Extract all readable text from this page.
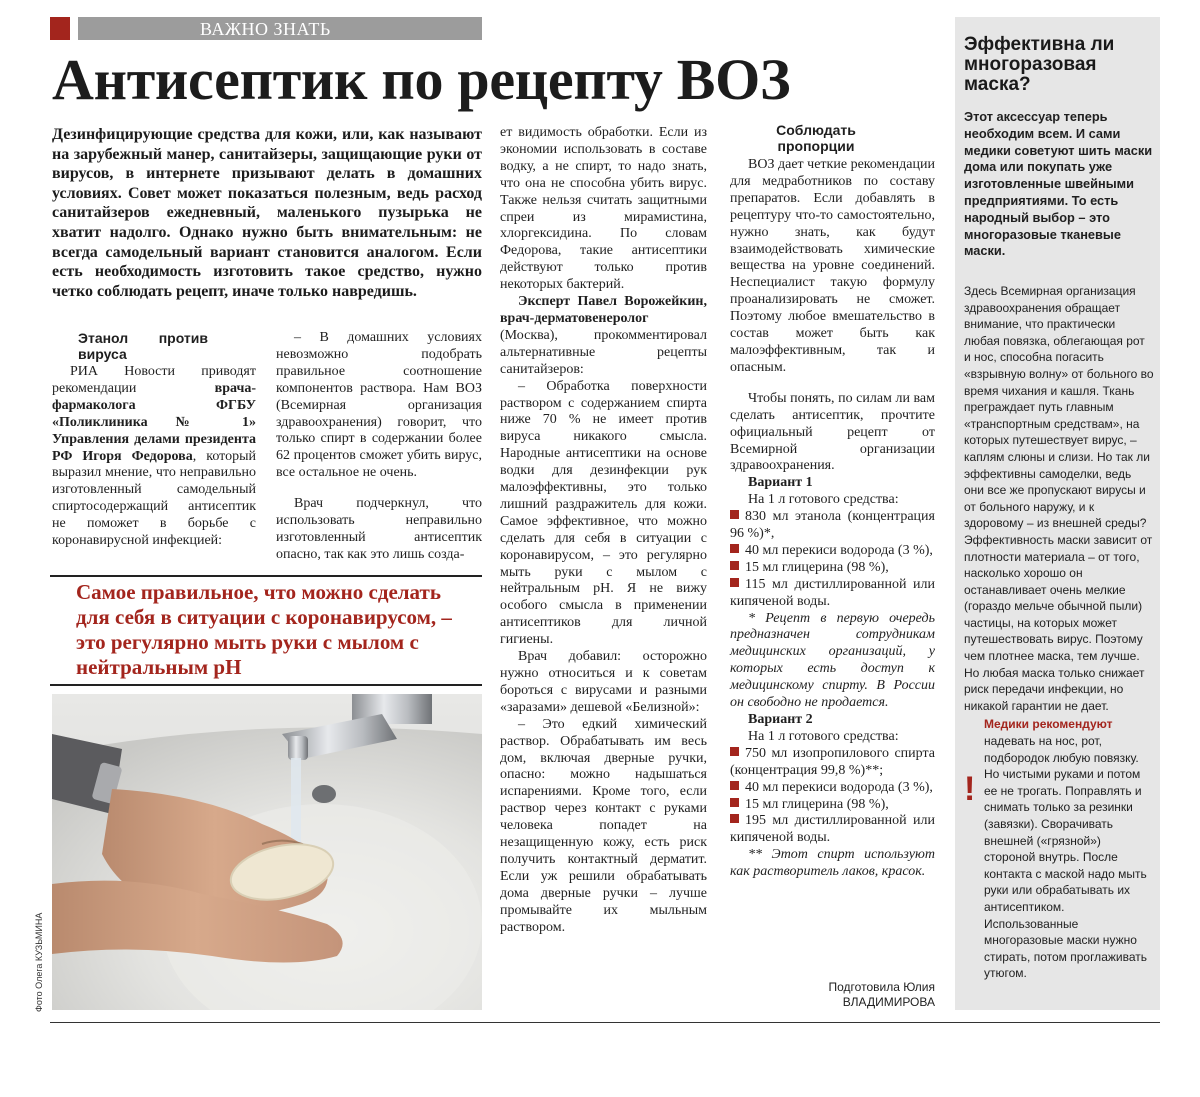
ВАЖНО ЗНАТЬ
Антисептик по рецепту ВОЗ

Дезинфицирующие средства для кожи, или, как называют на зарубежный манер, санитайзеры, защищающие руки от вирусов, в интернете призывают делать в домашних условиях. Совет может показаться полезным, ведь расход санитайзеров ежедневный, маленького пузырька не хватит надолго. Однако нужно быть внимательным: не всегда самодельный вариант становится аналогом. Если есть необходимость изготовить такое средство, нужно четко соблюдать рецепт, иначе только навредишь.

Этанол против вируса

РИА Новости приводят рекомендации врача-фармаколога ФГБУ «Поликлиника № 1» Управления делами президента РФ Игоря Федорова, который выразил мнение, что неправильно изготовленный самодельный спиртосодержащий антисептик не поможет в борьбе с коронавирусной инфекцией:

– В домашних условиях невозможно подобрать правильное соотношение компонентов раствора. Нам ВОЗ (Всемирная организация здравоохранения) говорит, что только спирт в содержании более 62 процентов сможет убить вирус, все остальное не очень.

Врач подчеркнул, что использовать неправильно изготовленный антисептик опасно, так как это лишь созда-

Самое правильное, что можно сделать для себя в ситуации с коронавирусом, – это регулярно мыть руки с мылом с нейтральным pH
Фото Олега КУЗЬМИНА

ет видимость обработки. Если из экономии использовать в составе водку, а не спирт, то надо знать, что она не способна убить вирус. Также нельзя считать защитными спреи из мирамистина, хлоргексидина. По словам Федорова, такие антисептики действуют только против некоторых бактерий.

Эксперт Павел Ворожейкин, врач-дерматовенеролог (Москва), прокомментировал альтернативные рецепты санитайзеров:

– Обработка поверхности раствором с содержанием спирта ниже 70 % не имеет против вируса никакого смысла. Народные антисептики на основе водки для дезинфекции рук малоэффективны, это только лишний раздражитель для кожи. Самое эффективное, что можно сделать для себя в ситуации с коронавирусом, – это регулярно мыть руки с мылом с нейтральным pH. Я не вижу особого смысла в применении антисептиков для личной гигиены.

Врач добавил: осторожно нужно относиться и к советам бороться с вирусами и разными «заразами» дешевой «Белизной»:

– Это едкий химический раствор. Обрабатывать им весь дом, включая дверные ручки, опасно: можно надышаться испарениями. Кроме того, если раствор через контакт с руками человека попадет на незащищенную кожу, есть риск получить контактный дерматит. Если уж решили обрабатывать дома дверные ручки – лучше промывайте их мыльным раствором.

Соблюдать пропорции

ВОЗ дает четкие рекомендации для медработников по составу препаратов. Если добавлять в рецептуру что-то самостоятельно, нужно знать, как будут взаимодействовать химические вещества на уровне соединений. Неспециалист такую формулу проанализировать не сможет. Поэтому любое вмешательство в состав может быть как малоэффективным, так и опасным.

Чтобы понять, по силам ли вам сделать антисептик, прочтите официальный рецепт от Всемирной организации здравоохранения.

Вариант 1

На 1 л готового средства:

830 мл этанола (концентрация 96 %)*,
40 мл перекиси водорода (3 %),
15 мл глицерина (98 %),
115 мл дистиллированной или кипяченой воды.

* Рецепт в первую очередь предназначен сотрудникам медицинских организаций, у которых есть доступ к медицинскому спирту. В России он свободно не продается.

Вариант 2

На 1 л готового средства:

750 мл изопропилового спирта (концентрация 99,8 %)**;
40 мл перекиси водорода (3 %),
15 мл глицерина (98 %),
195 мл дистиллированной или кипяченой воды.

** Этот спирт используют как растворитель лаков, красок.

Подготовила Юлия
ВЛАДИМИРОВА
Эффективна ли многоразовая маска?
Этот аксессуар теперь необходим всем. И сами медики советуют шить маски дома или покупать уже изготовленные швейными предприятиями. То есть народный выбор – это многоразовые тканевые маски.

Здесь Всемирная организация здравоохранения обращает внимание, что практически любая повязка, облегающая рот и нос, способна погасить «взрывную волну» от больного во время чихания и кашля. Ткань преграждает путь главным «транспортным средствам», на которых путешествует вирус, – каплям слюны и слизи. Но так ли эффективны самоделки, ведь они все же пропускают вирусы и от больного наружу, и к здоровому – из внешней среды? Эффективность маски зависит от плотности материала – от того, насколько хорошо он останавливает очень мелкие (гораздо мельче обычной пыли) частицы, на которых может путешествовать вирус. Поэтому чем плотнее маска, тем лучше. Но любая маска только снижает риск передачи инфекции, но никакой гарантии не дает.

Медики рекомендуют надевать на нос, рот, подбородок любую повязку. Но чистыми руками и потом ее не трогать. Поправлять и снимать только за резинки (завязки). Сворачивать внешней («грязной») стороной внутрь. После контакта с маской надо мыть руки или обрабатывать их антисептиком. Использованные многоразовые маски нужно стирать, потом проглаживать утюгом.

!
